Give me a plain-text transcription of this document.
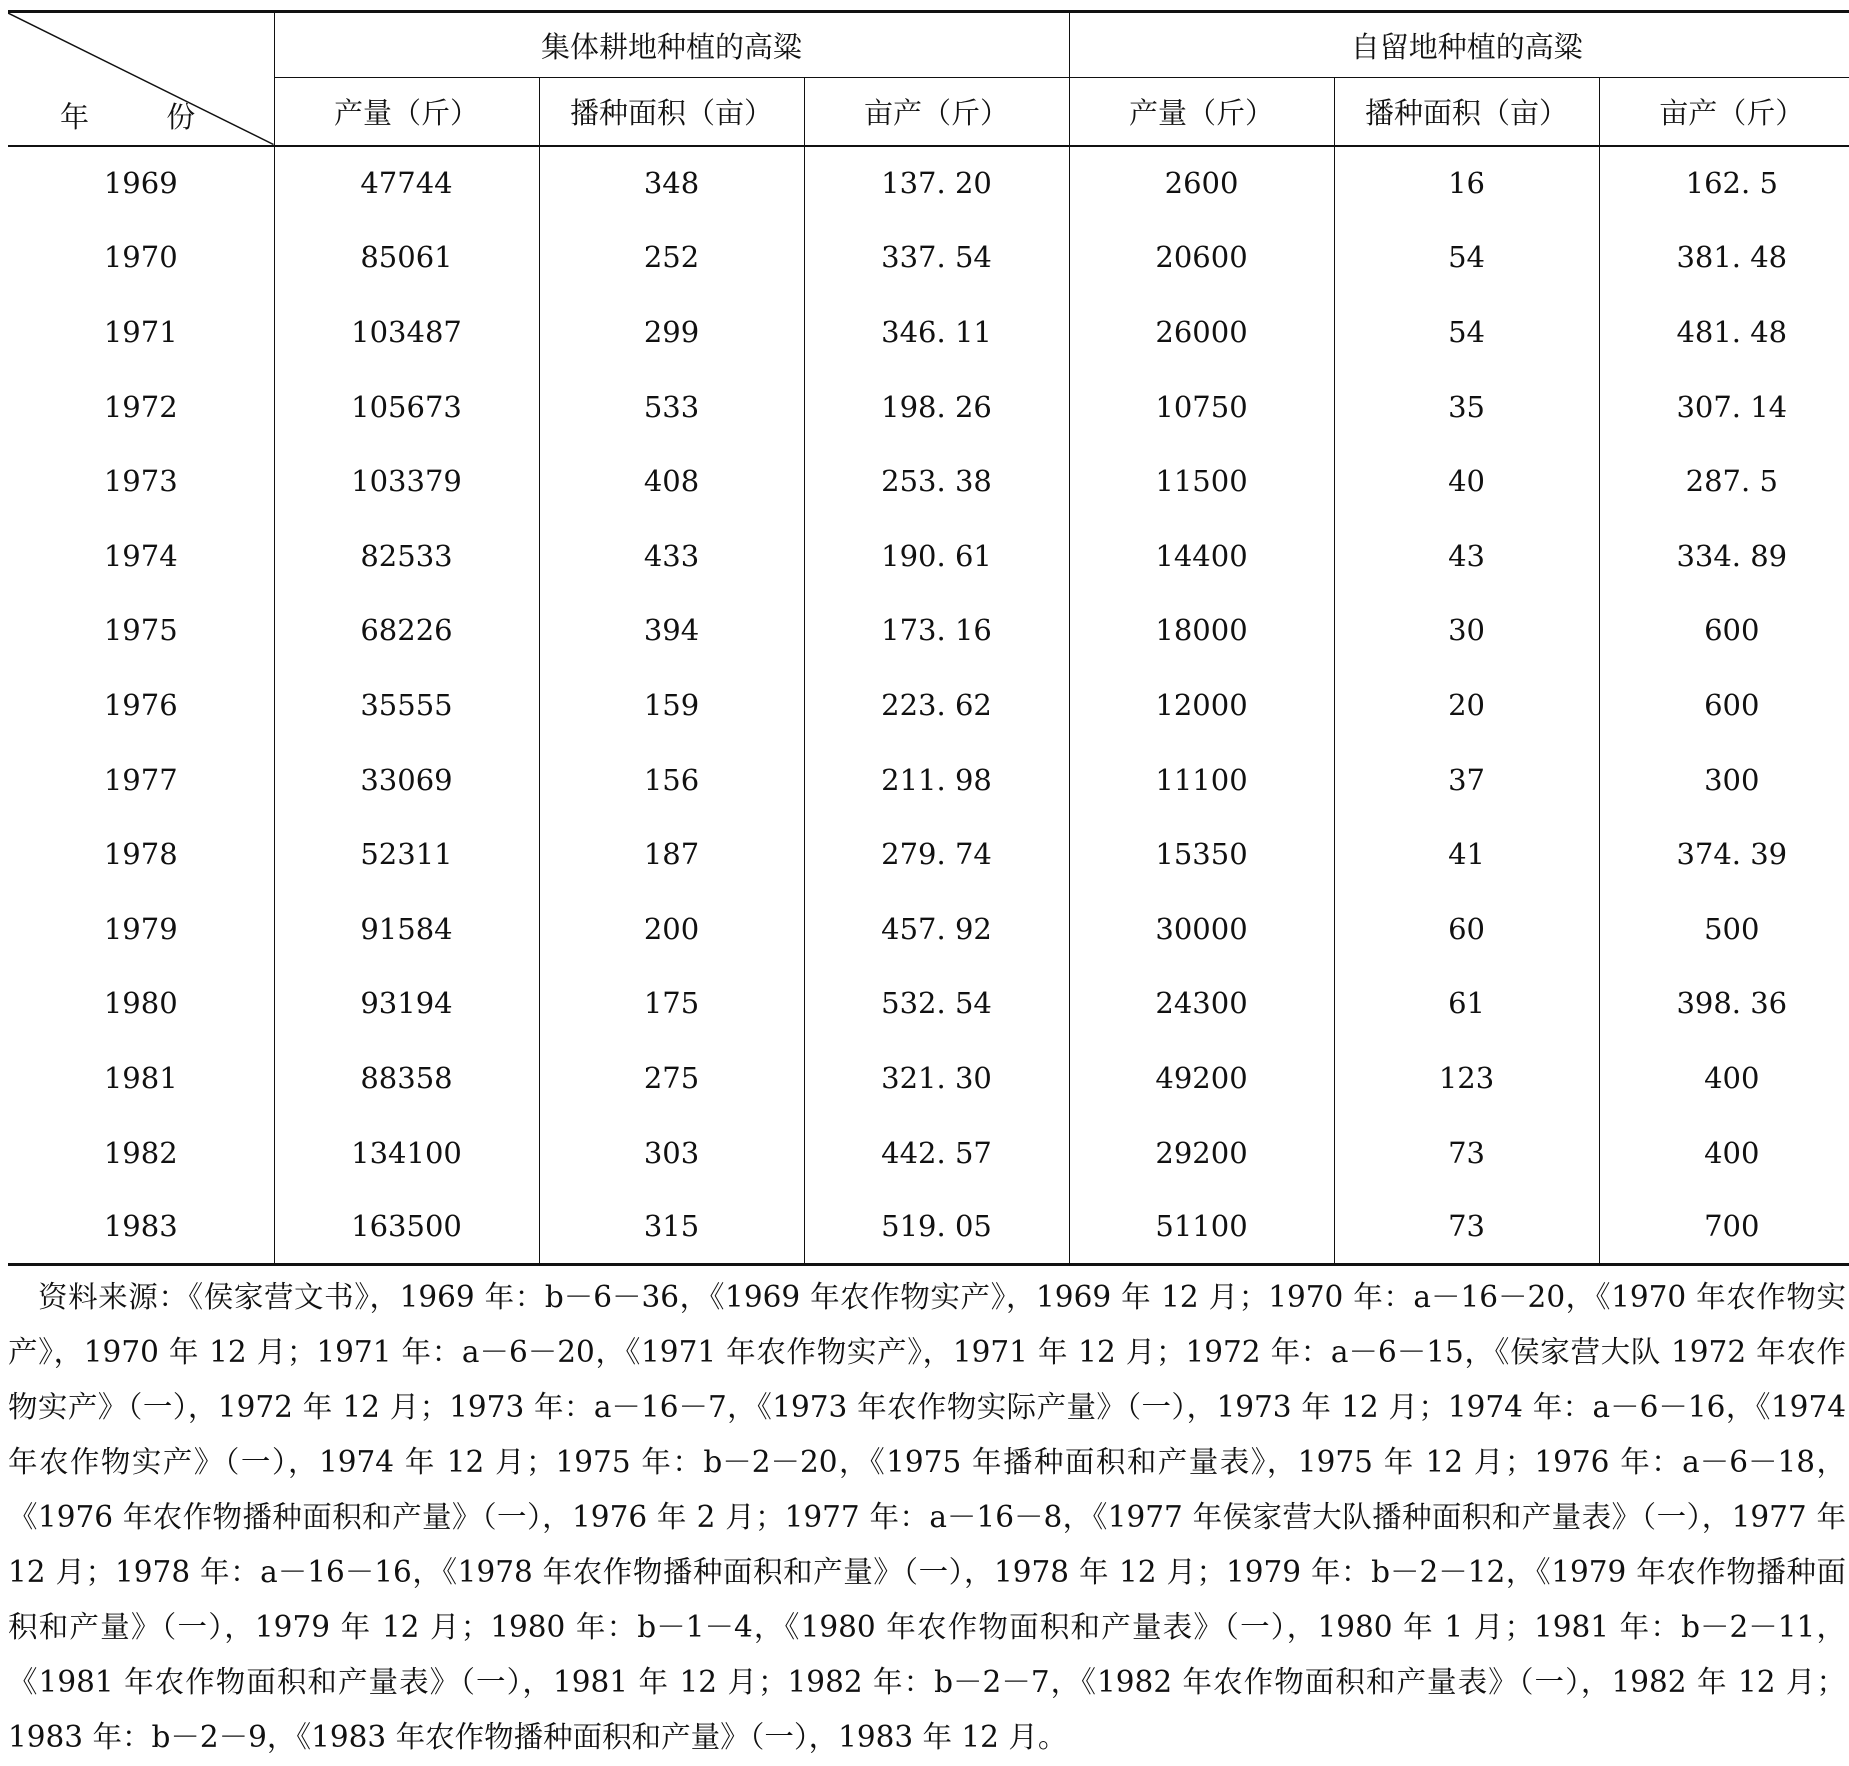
年 份	集体耕地种植的高粱			自留地种植的高粱		
	产量（斤）	播种面积（亩）	亩产（斤）	产量（斤）	播种面积（亩）	亩产（斤）
1969	47744	348	137. 20	2600	16	162. 5
1970	85061	252	337. 54	20600	54	381. 48
1971	103487	299	346. 11	26000	54	481. 48
1972	105673	533	198. 26	10750	35	307. 14
1973	103379	408	253. 38	11500	40	287. 5
1974	82533	433	190. 61	14400	43	334. 89
1975	68226	394	173. 16	18000	30	600
1976	35555	159	223. 62	12000	20	600
1977	33069	156	211. 98	11100	37	300
1978	52311	187	279. 74	15350	41	374. 39
1979	91584	200	457. 92	30000	60	500
1980	93194	175	532. 54	24300	61	398. 36
1981	88358	275	321. 30	49200	123	400
1982	134100	303	442. 57	29200	73	400
1983	163500	315	519. 05	51100	73	700
资料来源：《侯家营文书》，1969 年：b－6－36，《1969 年农作物实产》，1969 年 12 月；1970 年：a－16－20，《1970 年农作物实产》，1970 年 12 月；1971 年：a－6－20，《1971 年农作物实产》，1971 年 12 月；1972 年：a－6－15，《侯家营大队 1972 年农作物实产》（一），1972 年 12 月；1973 年：a－16－7，《1973 年农作物实际产量》（一），1973 年 12 月；1974 年：a－6－16，《1974 年农作物实产》（一），1974 年 12 月；1975 年：b－2－20，《1975 年播种面积和产量表》，1975 年 12 月；1976 年：a－6－18，《1976 年农作物播种面积和产量》（一），1976 年 2 月；1977 年：a－16－8，《1977 年侯家营大队播种面积和产量表》（一），1977 年 12 月；1978 年：a－16－16，《1978 年农作物播种面积和产量》（一），1978 年 12 月；1979 年：b－2－12，《1979 年农作物播种面积和产量》（一），1979 年 12 月；1980 年：b－1－4，《1980 年农作物面积和产量表》（一），1980 年 1 月；1981 年：b－2－11，《1981 年农作物面积和产量表》（一），1981 年 12 月；1982 年：b－2－7，《1982 年农作物面积和产量表》（一），1982 年 12 月；1983 年：b－2－9，《1983 年农作物播种面积和产量》（一），1983 年 12 月。
